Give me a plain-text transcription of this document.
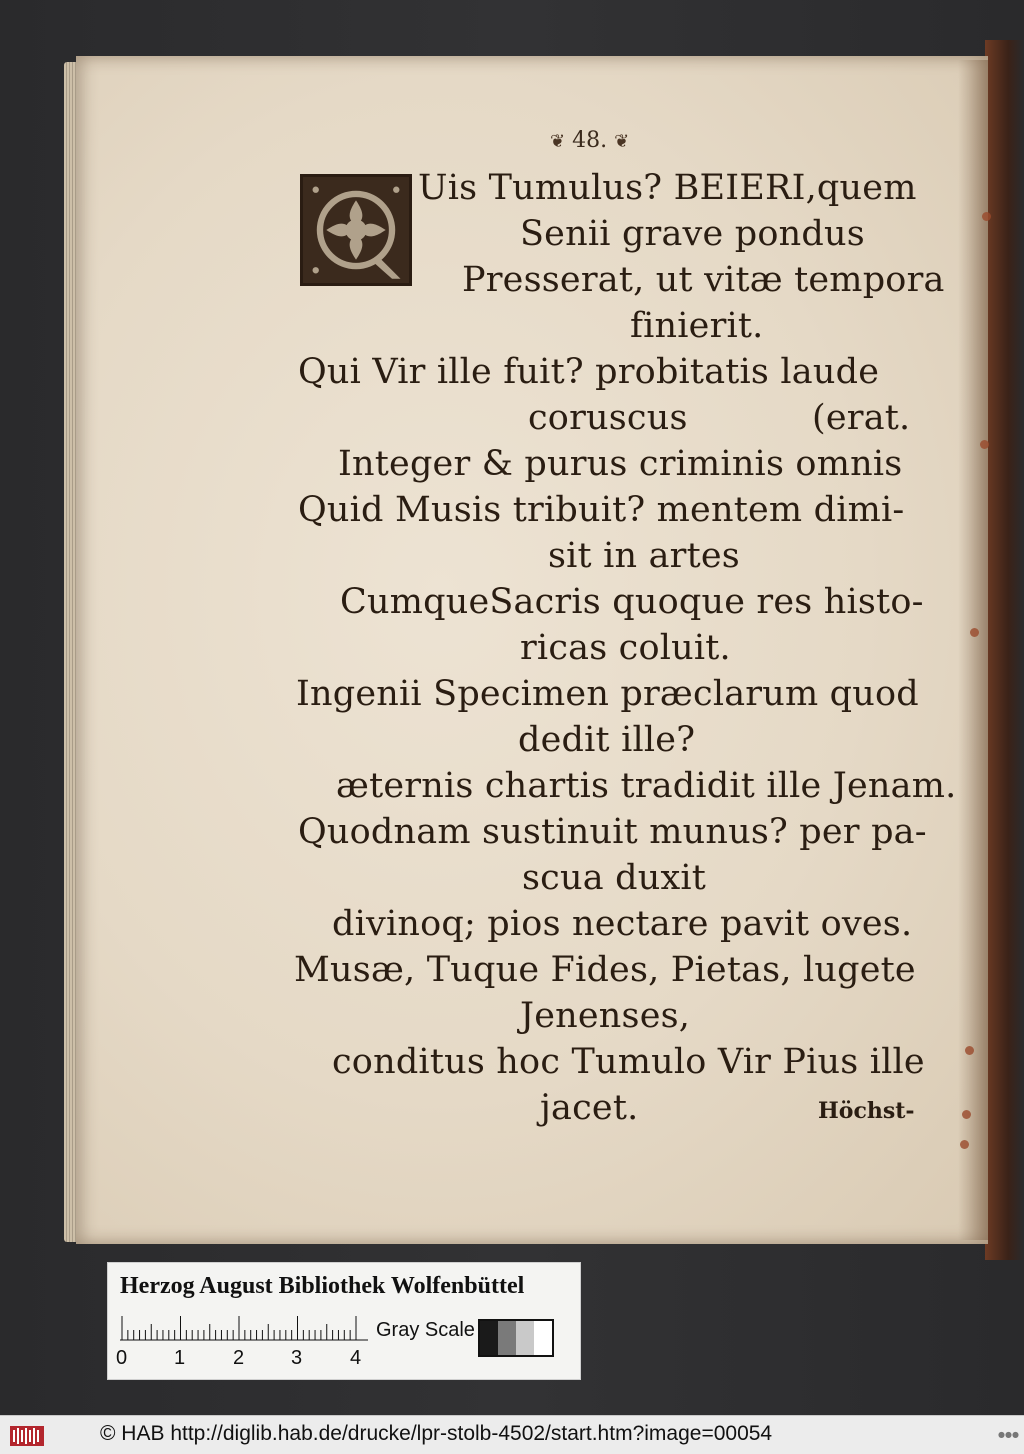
❦ 48. ❦
Uis Tumulus? BEIERI,quem
Senii grave pondus
Presserat, ut vitæ tempora
finierit.
Qui Vir ille fuit? probitatis laude
coruscus	(erat.
Integer & purus criminis omnis
Quid Musis tribuit? mentem dimi-
sit in artes
CumqueSacris quoque res histo-
ricas coluit.
Ingenii Specimen præclarum quod
dedit ille?
æternis chartis tradidit ille Jenam.
Quodnam sustinuit munus? per pa-
scua duxit
divinoq; pios nectare pavit oves.
Musæ, Tuque Fides, Pietas, lugete
Jenenses,
conditus hoc Tumulo Vir Pius ille
jacet.	Höchst-
Herzog August Bibliothek Wolfenbüttel
0 1 2 3 4
Gray Scale
© HAB http://diglib.hab.de/drucke/lpr-stolb-4502/start.htm?image=00054	●●●
